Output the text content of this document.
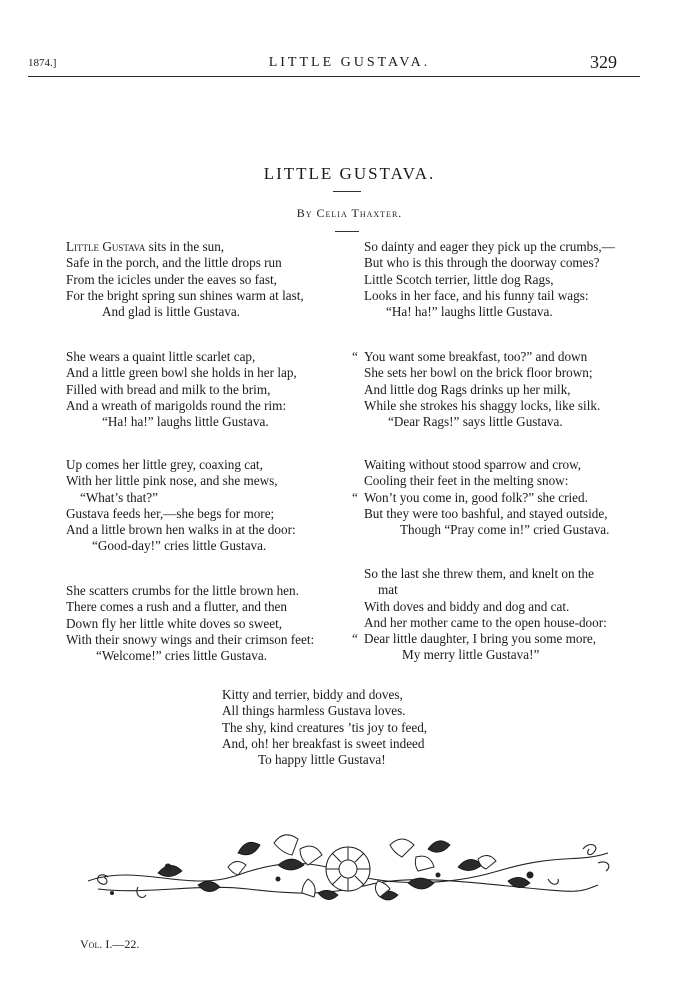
1874.]	LITTLE GUSTAVA.	329
LITTLE GUSTAVA.
By Celia Thaxter.
Little Gustava sits in the sun,
Safe in the porch, and the little drops run
From the icicles under the eaves so fast,
For the bright spring sun shines warm at last,
And glad is little Gustava.
She wears a quaint little scarlet cap,
And a little green bowl she holds in her lap,
Filled with bread and milk to the brim,
And a wreath of marigolds round the rim:
“Ha! ha!” laughs little Gustava.
Up comes her little grey, coaxing cat,
With her little pink nose, and she mews,
“What’s that?”
Gustava feeds her,—she begs for more;
And a little brown hen walks in at the door:
“Good-day!” cries little Gustava.
She scatters crumbs for the little brown hen.
There comes a rush and a flutter, and then
Down fly her little white doves so sweet,
With their snowy wings and their crimson feet:
“Welcome!” cries little Gustava.
So dainty and eager they pick up the crumbs,—
But who is this through the doorway comes?
Little Scotch terrier, little dog Rags,
Looks in her face, and his funny tail wags:
“Ha! ha!” laughs little Gustava.
“ You want some breakfast, too?” and down
She sets her bowl on the brick floor brown;
And little dog Rags drinks up her milk,
While she strokes his shaggy locks, like silk.
“Dear Rags!” says little Gustava.
Waiting without stood sparrow and crow,
Cooling their feet in the melting snow:
“ Won’t you come in, good folk?” she cried.
But they were too bashful, and stayed outside,
Though “Pray come in!” cried Gustava.
So the last she threw them, and knelt on the
mat
With doves and biddy and dog and cat.
And her mother came to the open house-door:
“ Dear little daughter, I bring you some more,
My merry little Gustava!”
Kitty and terrier, biddy and doves,
All things harmless Gustava loves.
The shy, kind creatures ’tis joy to feed,
And, oh! her breakfast is sweet indeed
To happy little Gustava!
Vol. I.—22.
